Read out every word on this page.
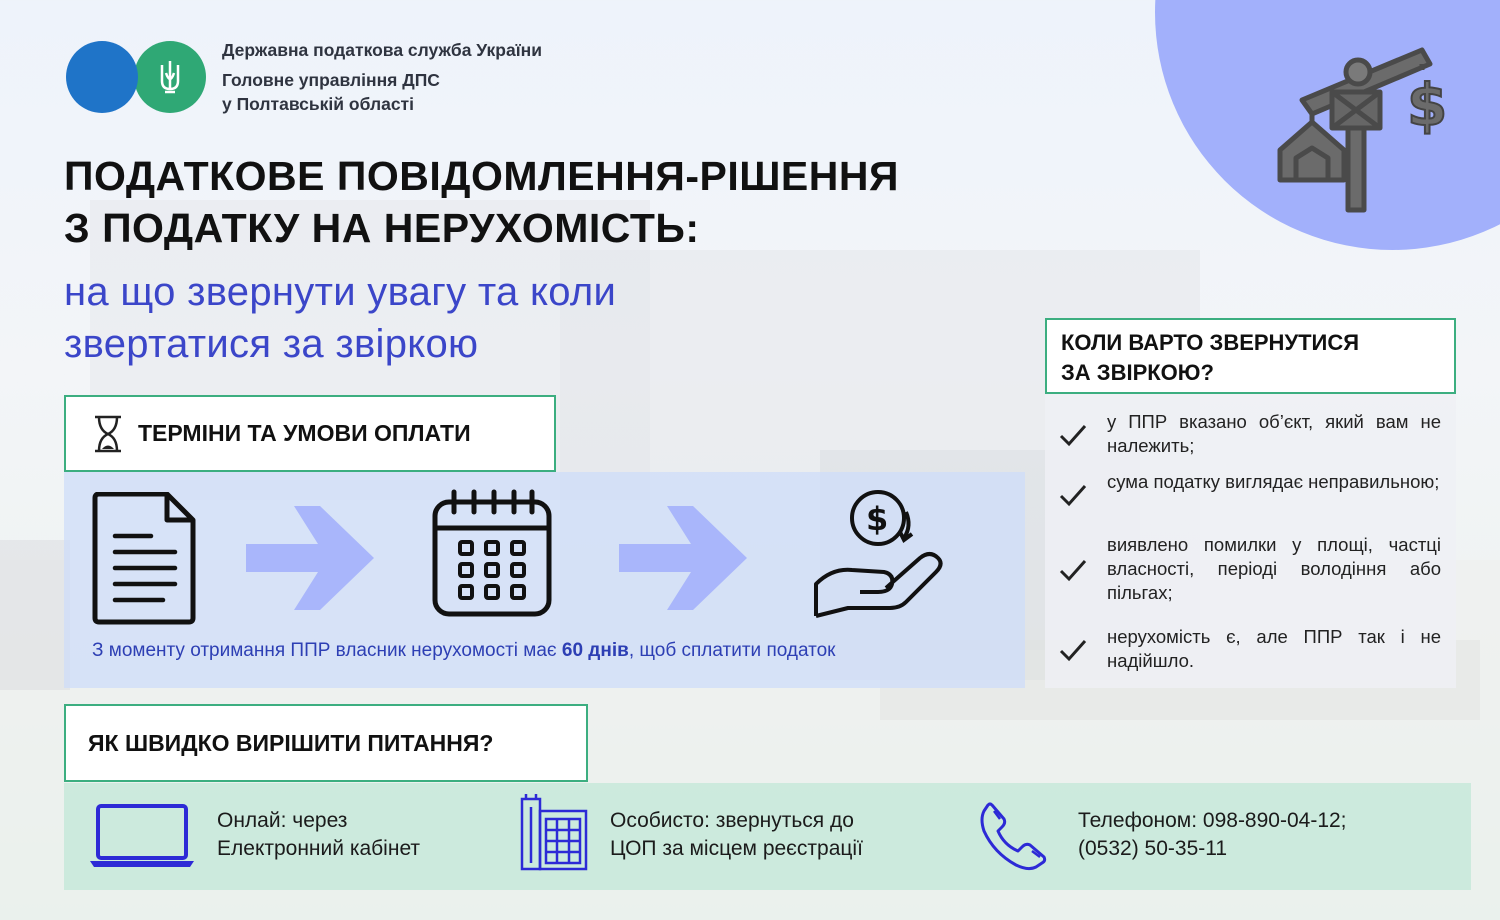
$
Державна податкова служба України
Головне управління ДПС
у Полтавській області
ПОДАТКОВЕ ПОВІДОМЛЕННЯ-РІШЕННЯ
З ПОДАТКУ НА НЕРУХОМІСТЬ:
на що звернути увагу та коли
звертатися за звіркою
ТЕРМІНИ ТА УМОВИ ОПЛАТИ
$
З моменту отримання ППР власник нерухомості має 60 днів, щоб сплатити податок
КОЛИ ВАРТО ЗВЕРНУТИСЯ
ЗА ЗВІРКОЮ?
у ППР вказано об’єкт, який вам не належить;
сума податку виглядає неправильною;
виявлено помилки у площі, частці власності, періоді володіння або пільгах;
нерухомість є, але ППР так і не надійшло.
ЯК ШВИДКО ВИРІШИТИ ПИТАННЯ?
Онлай: через
Електронний кабінет
Особисто: звернуться до
ЦОП за місцем реєстрації
Телефоном: 098-890-04-12;
(0532) 50-35-11
